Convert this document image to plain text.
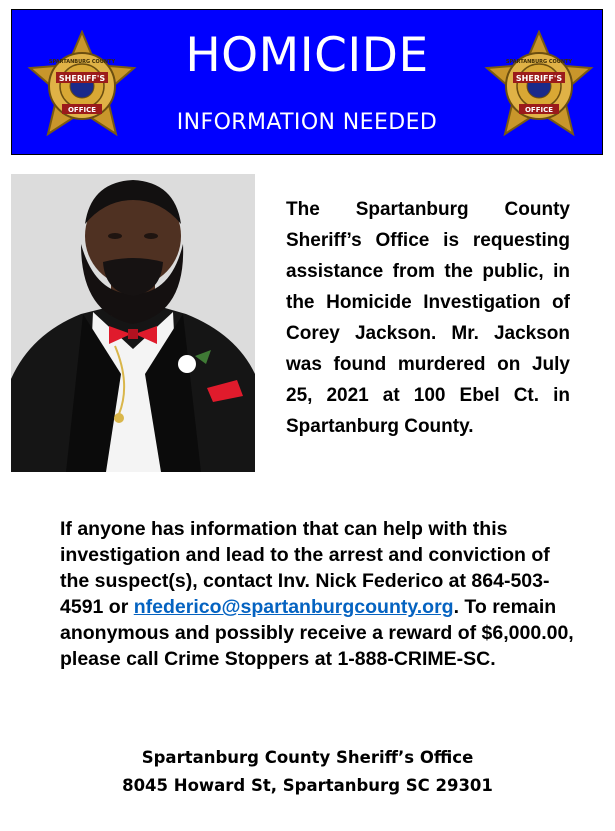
SHERIFF'S
SPARTANBURG COUNTY
OFFICE
HOMICIDE
INFORMATION NEEDED
SHERIFF'S
SPARTANBURG COUNTY
OFFICE
The Spartanburg County Sheriff’s Office is requesting assistance from the public, in the Homicide Investigation of Corey Jackson. Mr. Jackson was found murdered on July 25, 2021 at 100 Ebel Ct. in Spartanburg County.
If anyone has information that can help with this investigation and lead to the arrest and conviction of the suspect(s), contact Inv. Nick Federico at 864-503-4591 or nfederico@spartanburgcounty.org. To remain anonymous and possibly receive a reward of $6,000.00, please call Crime Stoppers at 1-888-CRIME-SC.
Spartanburg County Sheriff’s Office
8045 Howard St, Spartanburg SC 29301
